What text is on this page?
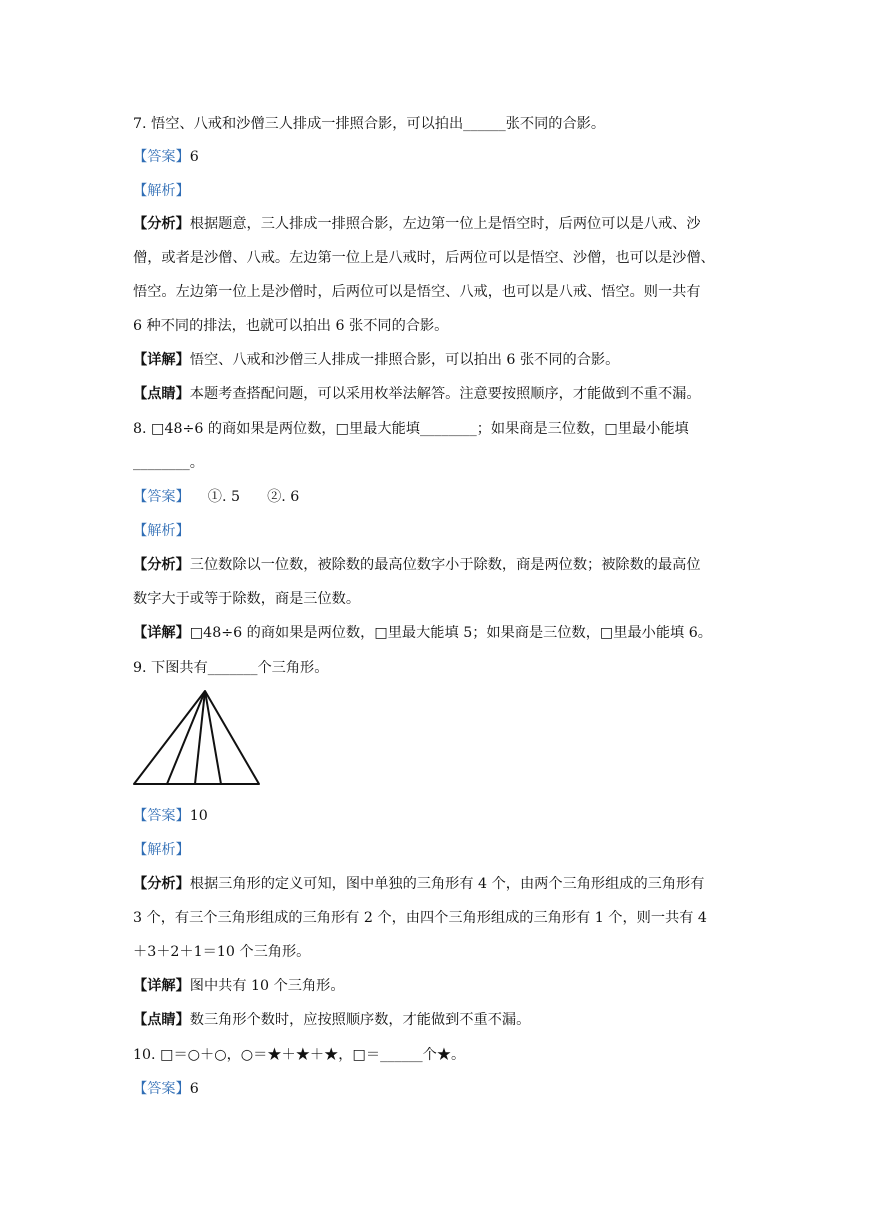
7. 悟空、八戒和沙僧三人排成一排照合影，可以拍出______张不同的合影。
【答案】6
【解析】
【分析】根据题意，三人排成一排照合影，左边第一位上是悟空时，后两位可以是八戒、沙
僧，或者是沙僧、八戒。左边第一位上是八戒时，后两位可以是悟空、沙僧，也可以是沙僧、
悟空。左边第一位上是沙僧时，后两位可以是悟空、八戒，也可以是八戒、悟空。则一共有
6 种不同的排法，也就可以拍出 6 张不同的合影。
【详解】悟空、八戒和沙僧三人排成一排照合影，可以拍出 6 张不同的合影。
【点睛】本题考查搭配问题，可以采用枚举法解答。注意要按照顺序，才能做到不重不漏。
8. □48÷6 的商如果是两位数，□里最大能填________；如果商是三位数，□里最小能填
________。
【答案】    ①. 5      ②. 6
【解析】
【分析】三位数除以一位数，被除数的最高位数字小于除数，商是两位数；被除数的最高位
数字大于或等于除数，商是三位数。
【详解】□48÷6 的商如果是两位数，□里最大能填 5；如果商是三位数，□里最小能填 6。
9. 下图共有_______个三角形。
【答案】10
【解析】
【分析】根据三角形的定义可知，图中单独的三角形有 4 个，由两个三角形组成的三角形有
3 个，有三个三角形组成的三角形有 2 个，由四个三角形组成的三角形有 1 个，则一共有 4
＋3＋2＋1＝10 个三角形。
【详解】图中共有 10 个三角形。
【点睛】数三角形个数时，应按照顺序数，才能做到不重不漏。
10. □＝○＋○，○＝★＋★＋★，□＝______个★。
【答案】6
